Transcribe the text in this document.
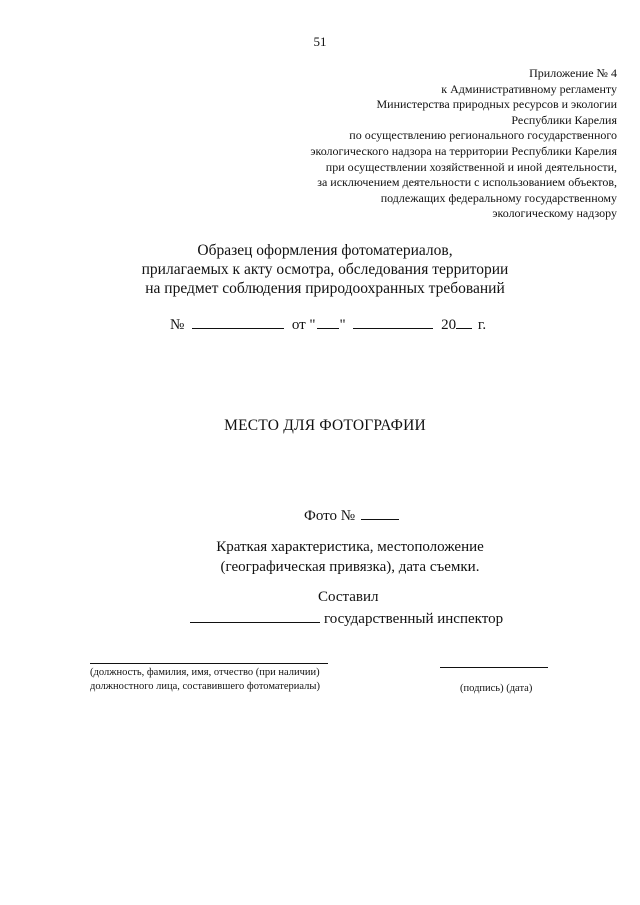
51
Приложение № 4
к Административному регламенту
Министерства природных ресурсов и экологии
Республики Карелия
по осуществлению регионального государственного
экологического надзора на территории Республики Карелия
при осуществлении хозяйственной и иной деятельности,
за исключением деятельности с использованием объектов,
подлежащих федеральному государственному
экологическому надзору
Образец оформления фотоматериалов,
прилагаемых к акту осмотра, обследования территории
на предмет соблюдения природоохранных требований
№	от " "	20 г.
МЕСТО ДЛЯ ФОТОГРАФИИ
Фото №
Краткая характеристика, местоположение
(географическая привязка), дата съемки.
Составил
государственный инспектор
(должность, фамилия, имя, отчество (при наличии)
должностного лица, составившего фотоматериалы)	(подпись) (дата)
